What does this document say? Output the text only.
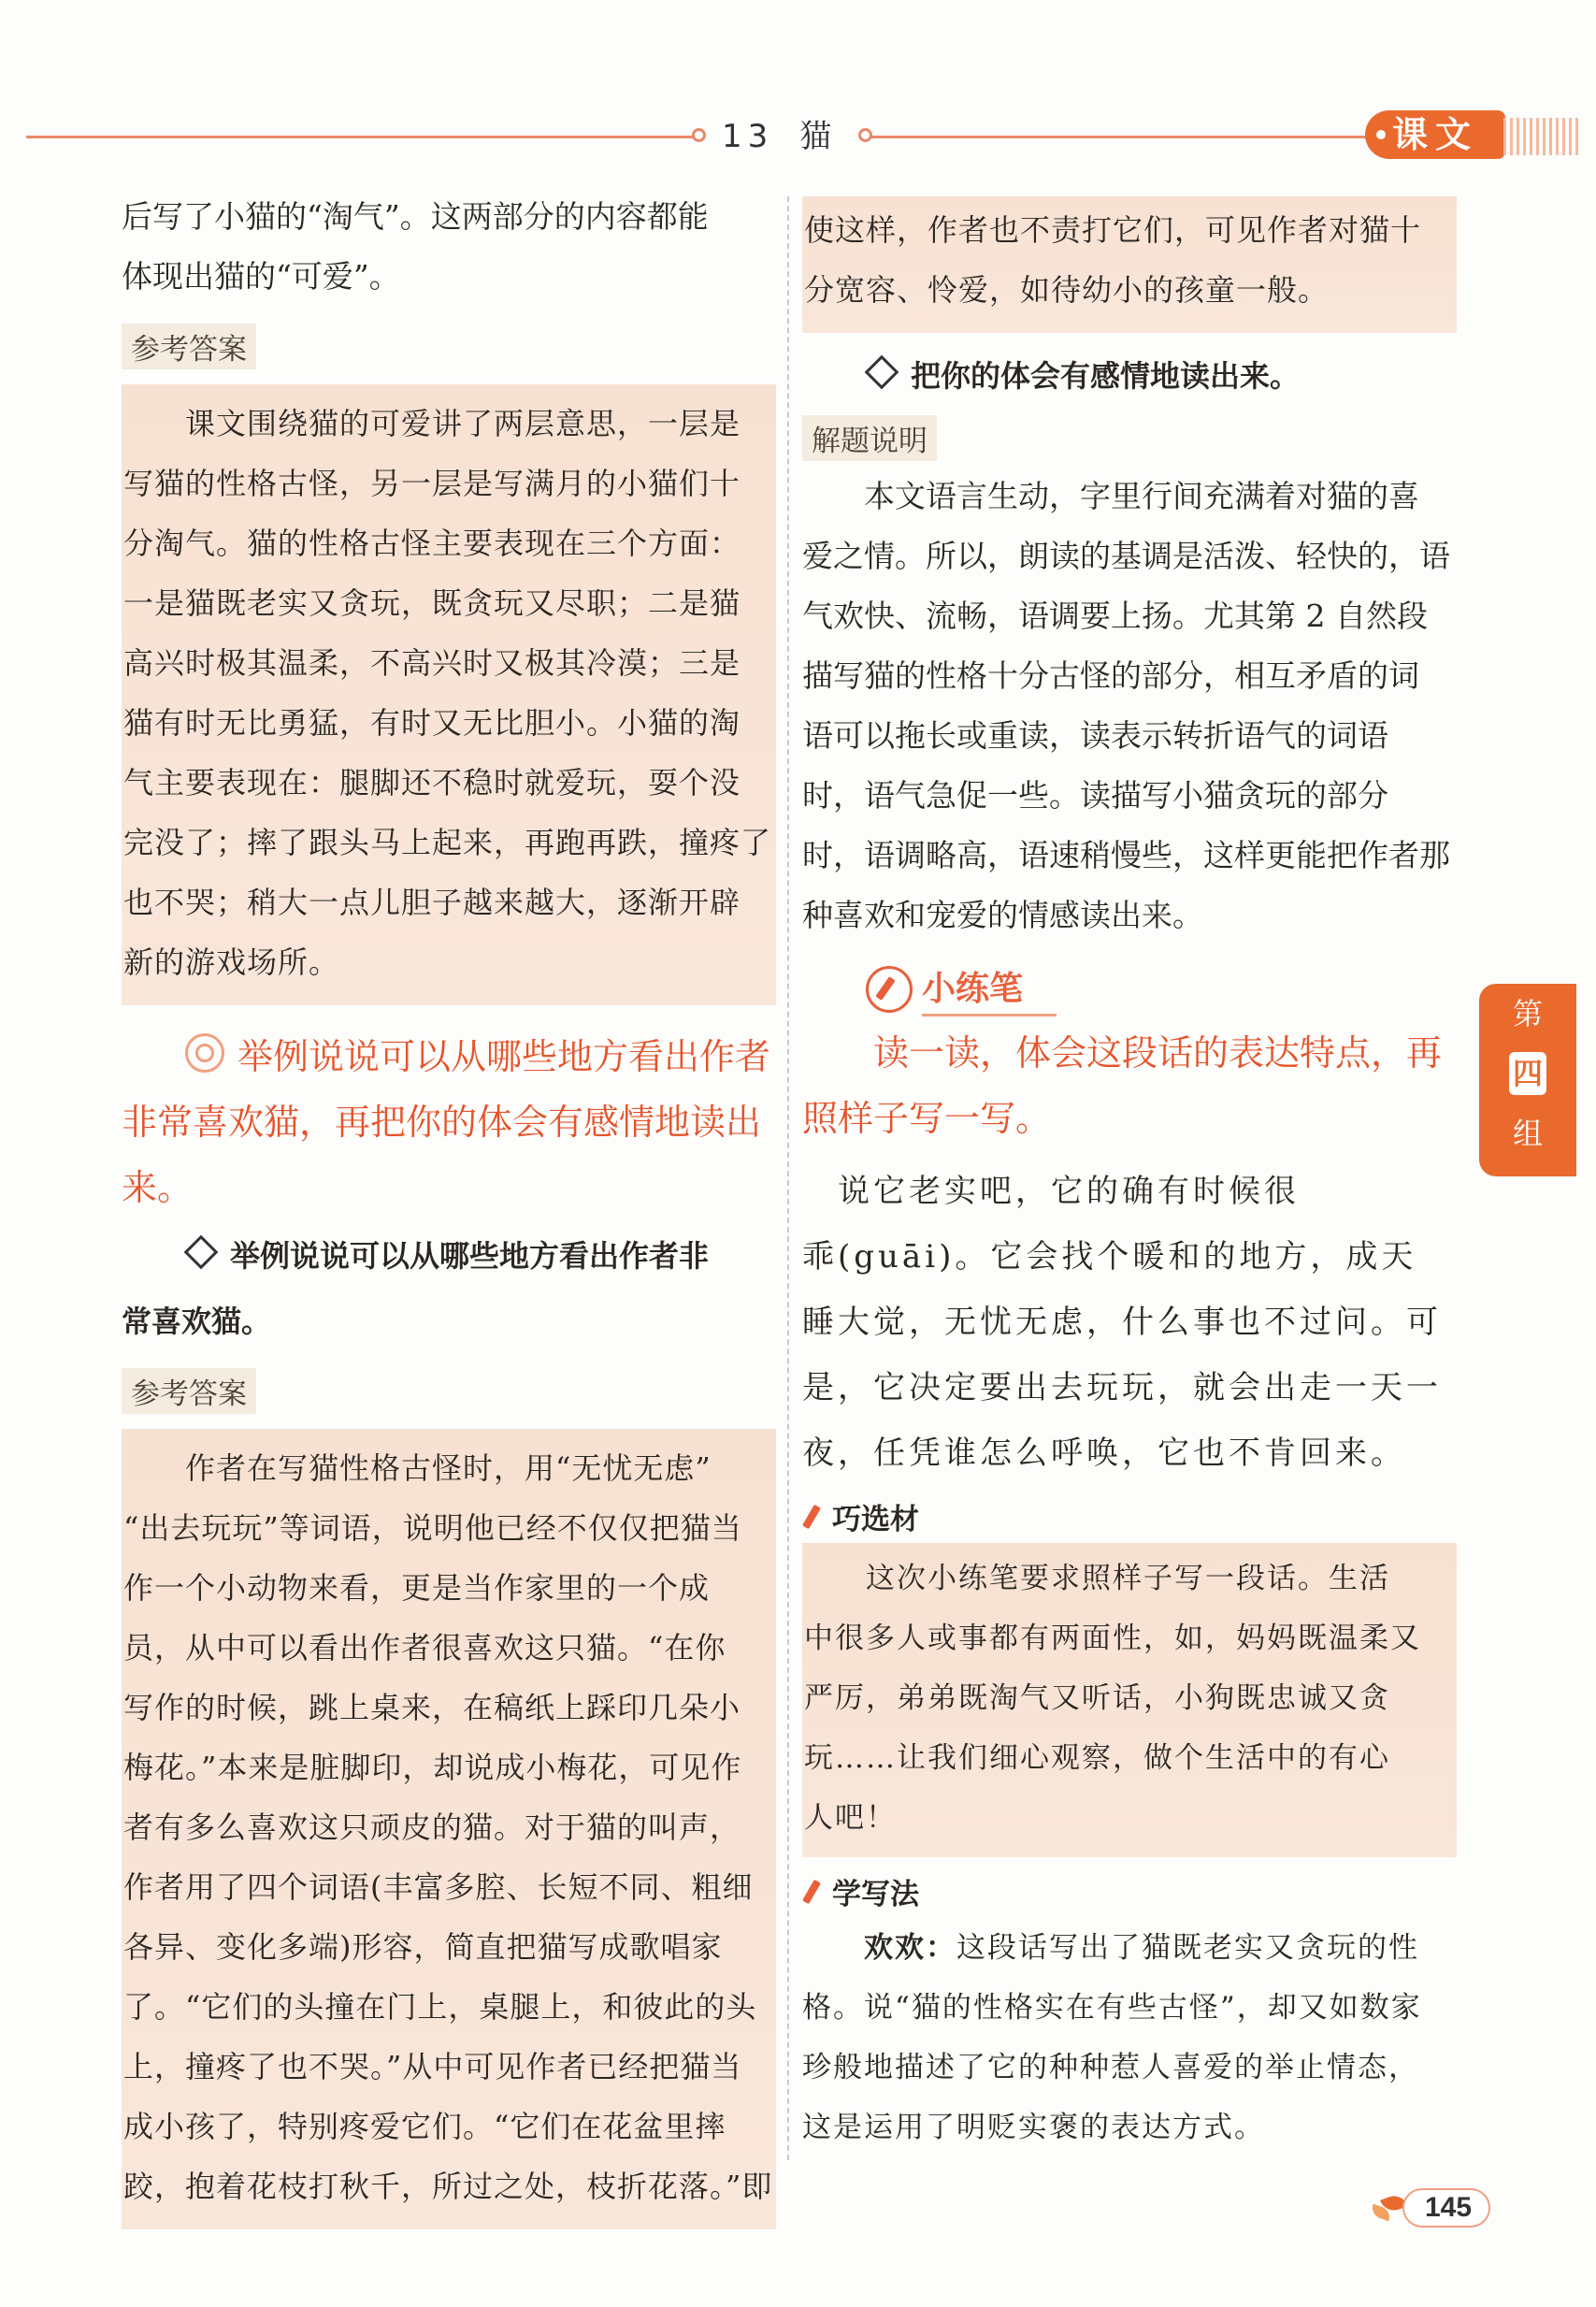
13 猫	课文

后写了小猫的“淘气”。这两部分的内容都能

体现出猫的“可爱”。

参考答案

　　课文围绕猫的可爱讲了两层意思，一层是

写猫的性格古怪，另一层是写满月的小猫们十

分淘气。猫的性格古怪主要表现在三个方面：

一是猫既老实又贪玩，既贪玩又尽职；二是猫

高兴时极其温柔，不高兴时又极其冷漠；三是

猫有时无比勇猛，有时又无比胆小。小猫的淘

气主要表现在：腿脚还不稳时就爱玩，耍个没

完没了；摔了跟头马上起来，再跑再跌，撞疼了

也不哭；稍大一点儿胆子越来越大，逐渐开辟

新的游戏场所。

举例说说可以从哪些地方看出作者非常喜欢猫，再把你的体会有感情地读出来。
举例说说可以从哪些地方看出作者非
常喜欢猫。
参考答案

　　作者在写猫性格古怪时，用“无忧无虑”

“出去玩玩”等词语，说明他已经不仅仅把猫当

作一个小动物来看，更是当作家里的一个成

员，从中可以看出作者很喜欢这只猫。“在你

写作的时候，跳上桌来，在稿纸上踩印几朵小

梅花。”本来是脏脚印，却说成小梅花，可见作

者有多么喜欢这只顽皮的猫。对于猫的叫声，

作者用了四个词语(丰富多腔、长短不同、粗细

各异、变化多端)形容，简直把猫写成歌唱家

了。“它们的头撞在门上，桌腿上，和彼此的头

上，撞疼了也不哭。”从中可见作者已经把猫当

成小孩了，特别疼爱它们。“它们在花盆里摔

跤，抱着花枝打秋千，所过之处，枝折花落。”即

使这样，作者也不责打它们，可见作者对猫十

分宽容、怜爱，如待幼小的孩童一般。

把你的体会有感情地读出来。
解题说明

　　本文语言生动，字里行间充满着对猫的喜

爱之情。所以，朗读的基调是活泼、轻快的，语

气欢快、流畅，语调要上扬。尤其第 2 自然段

描写猫的性格十分古怪的部分，相互矛盾的词

语可以拖长或重读，读表示转折语气的词语

时，语气急促一些。读描写小猫贪玩的部分

时，语调略高，语速稍慢些，这样更能把作者那

种喜欢和宠爱的情感读出来。

小练笔
　　读一读，体会这段话的表达特点，再照样子写一写。

　说它老实吧，它的确有时候很

乖(guāi)。它会找个暖和的地方，成天

睡大觉，无忧无虑，什么事也不过问。可

是，它决定要出去玩玩，就会出走一天一

夜，任凭谁怎么呼唤，它也不肯回来。

巧选材

　　这次小练笔要求照样子写一段话。生活

中很多人或事都有两面性，如，妈妈既温柔又

严厉，弟弟既淘气又听话，小狗既忠诚又贪

玩……让我们细心观察，做个生活中的有心

人吧！

学写法

　　欢欢：这段话写出了猫既老实又贪玩的性

格。说“猫的性格实在有些古怪”，却又如数家

珍般地描述了它的种种惹人喜爱的举止情态，

这是运用了明贬实褒的表达方式。

第
四
组
145
